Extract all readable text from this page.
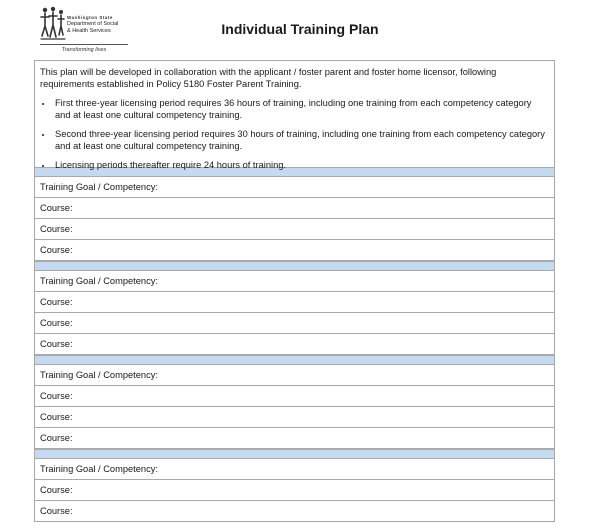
Washington State
Department of Social
& Health Services
Transforming lives
Individual Training Plan

This plan will be developed in collaboration with the applicant / foster parent and foster home licensor, following requirements established in Policy 5180 Foster Parent Training.

• First three-year licensing period requires 36 hours of training, including one training from each competency category and at least one cultural competency training.
• Second three-year licensing period requires 30 hours of training, including one training from each competency category and at least one cultural competency training.
• Licensing periods thereafter require 24 hours of training.
Training Goal / Competency:
Course:
Course:
Course:
Training Goal / Competency:
Course:
Course:
Course:
Training Goal / Competency:
Course:
Course:
Course:
Training Goal / Competency:
Course:
Course:
